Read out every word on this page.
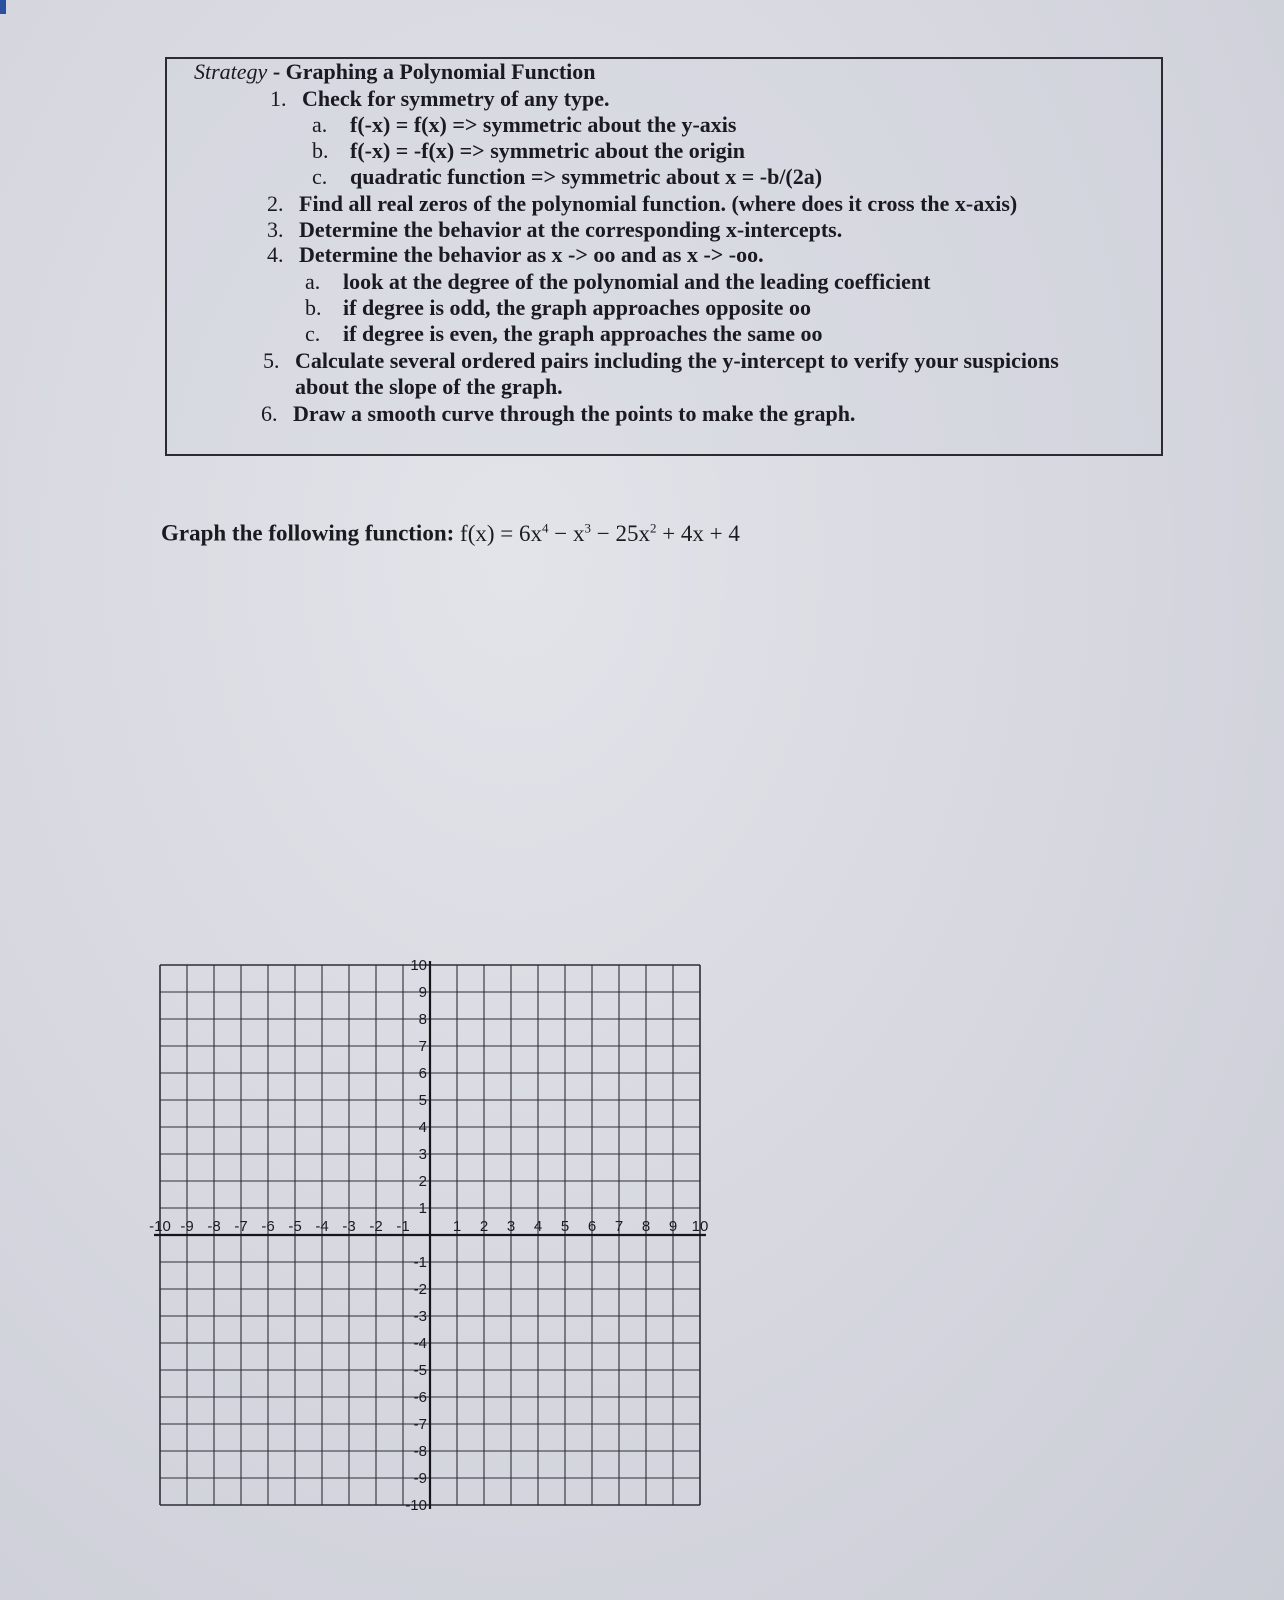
Strategy - Graphing a Polynomial Function
1. Check for symmetry of any type.
a. f(-x) = f(x) => symmetric about the y-axis
b. f(-x) = -f(x) => symmetric about the origin
c. quadratic function => symmetric about x = -b/(2a)
2. Find all real zeros of the polynomial function. (where does it cross the x-axis)
3. Determine the behavior at the corresponding x-intercepts.
4. Determine the behavior as x -> oo and as x -> -oo.
a. look at the degree of the polynomial and the leading coefficient
b. if degree is odd, the graph approaches opposite oo
c. if degree is even, the graph approaches the same oo
5. Calculate several ordered pairs including the y-intercept to verify your suspicions
about the slope of the graph.
6. Draw a smooth curve through the points to make the graph.
Graph the following function: $f(x) = 6x^4 - x^3 - 25x^2 + 4x + 4$
-10 -9 -8 -7 -6 -5 -4 -3 -2 -1	1 2 3 4 5 6 7 8 9 10
10
9
8
7
6
5
4
3
2
1
-1
-2
-3
-4
-5
-6
-7
-8
-9
-10
